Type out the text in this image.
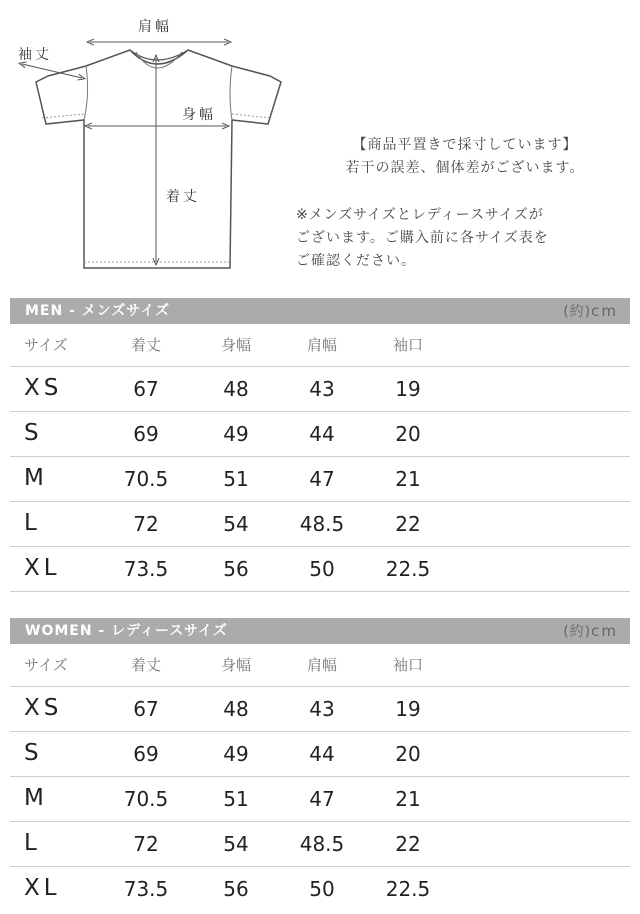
肩幅
袖丈
身幅
着丈
【商品平置きで採寸しています】
若干の誤差、個体差がございます。
※メンズサイズとレディースサイズが
ございます。ご購入前に各サイズ表を
ご確認ください。
MEN - メンズサイズ	(約)cm
サイズ	着丈	身幅	肩幅	袖口
XS	67	48	43	19
S	69	49	44	20
M	70.5	51	47	21
L	72	54	48.5	22
XL	73.5	56	50	22.5
WOMEN - レディースサイズ	(約)cm
サイズ	着丈	身幅	肩幅	袖口
XS	67	48	43	19
S	69	49	44	20
M	70.5	51	47	21
L	72	54	48.5	22
XL	73.5	56	50	22.5
